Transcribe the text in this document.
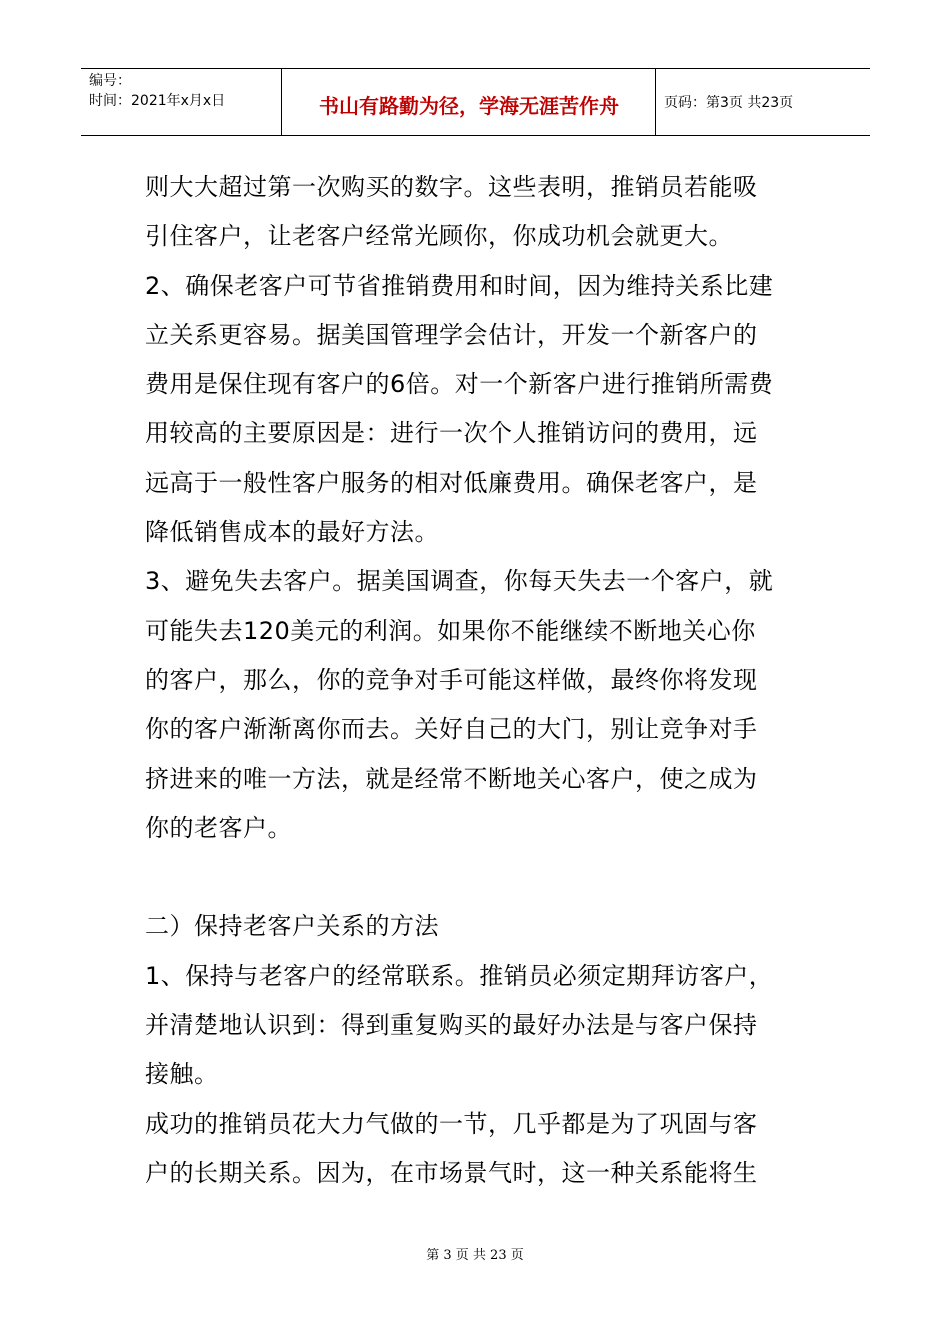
编号：
时间：2021年x月x日	书山有路勤为径，学海无涯苦作舟	页码：第3页 共23页
则大大超过第一次购买的数字。这些表明，推销员若能吸
引住客户，让老客户经常光顾你，你成功机会就更大。
2、确保老客户可节省推销费用和时间，因为维持关系比建
立关系更容易。据美国管理学会估计，开发一个新客户的
费用是保住现有客户的6倍。对一个新客户进行推销所需费
用较高的主要原因是：进行一次个人推销访问的费用，远
远高于一般性客户服务的相对低廉费用。确保老客户，是
降低销售成本的最好方法。
3、避免失去客户。据美国调查，你每天失去一个客户，就
可能失去120美元的利润。如果你不能继续不断地关心你
的客户，那么，你的竞争对手可能这样做，最终你将发现
你的客户渐渐离你而去。关好自己的大门，别让竞争对手
挤进来的唯一方法，就是经常不断地关心客户，使之成为
你的老客户。
二）保持老客户关系的方法
1、保持与老客户的经常联系。推销员必须定期拜访客户，
并清楚地认识到：得到重复购买的最好办法是与客户保持
接触。
成功的推销员花大力气做的一节，几乎都是为了巩固与客
户的长期关系。因为，在市场景气时，这一种关系能将生
第 3 页 共 23 页
